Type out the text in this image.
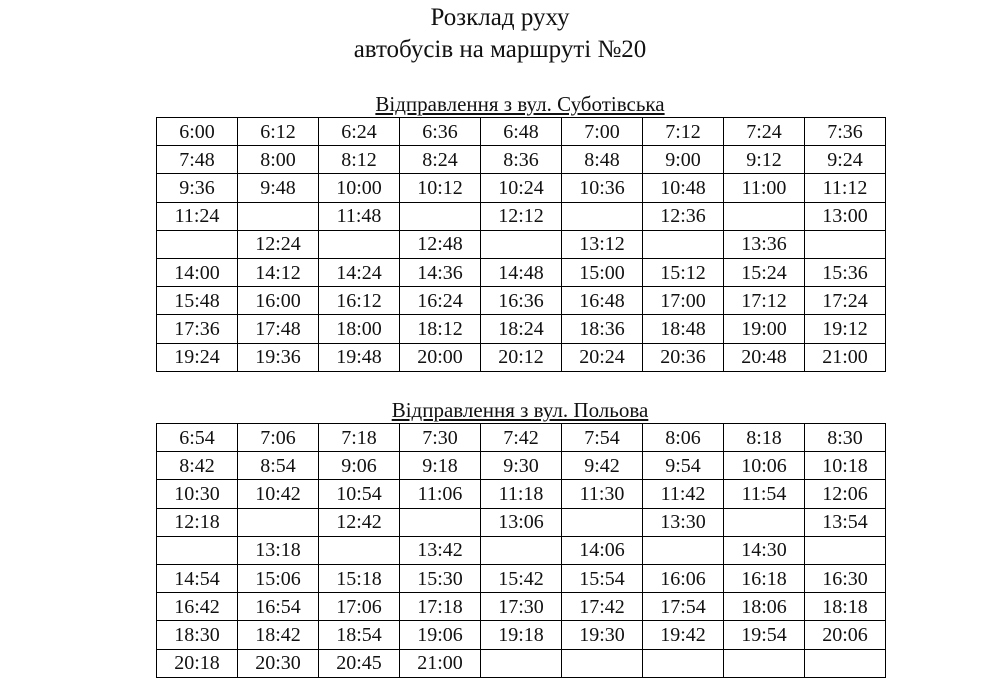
Розклад руху
автобусів на маршруті №20
Відправлення з вул. Суботівська
6:00	6:12	6:24	6:36	6:48	7:00	7:12	7:24	7:36
7:48	8:00	8:12	8:24	8:36	8:48	9:00	9:12	9:24
9:36	9:48	10:00	10:12	10:24	10:36	10:48	11:00	11:12
11:24		11:48		12:12		12:36		13:00
	12:24		12:48		13:12		13:36	
14:00	14:12	14:24	14:36	14:48	15:00	15:12	15:24	15:36
15:48	16:00	16:12	16:24	16:36	16:48	17:00	17:12	17:24
17:36	17:48	18:00	18:12	18:24	18:36	18:48	19:00	19:12
19:24	19:36	19:48	20:00	20:12	20:24	20:36	20:48	21:00
Відправлення з вул. Польова
6:54	7:06	7:18	7:30	7:42	7:54	8:06	8:18	8:30
8:42	8:54	9:06	9:18	9:30	9:42	9:54	10:06	10:18
10:30	10:42	10:54	11:06	11:18	11:30	11:42	11:54	12:06
12:18		12:42		13:06		13:30		13:54
	13:18		13:42		14:06		14:30	
14:54	15:06	15:18	15:30	15:42	15:54	16:06	16:18	16:30
16:42	16:54	17:06	17:18	17:30	17:42	17:54	18:06	18:18
18:30	18:42	18:54	19:06	19:18	19:30	19:42	19:54	20:06
20:18	20:30	20:45	21:00					
